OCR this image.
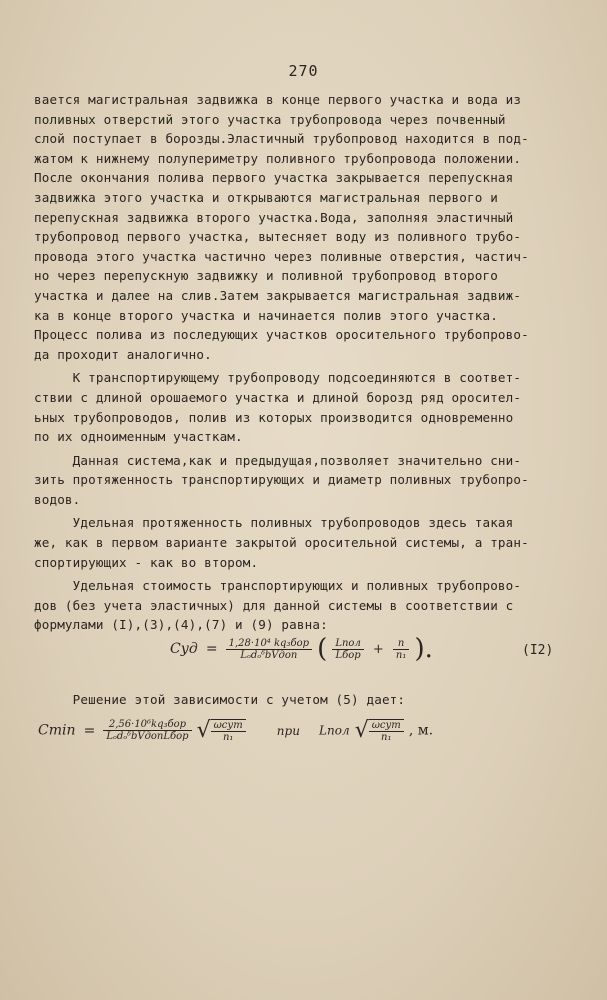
270
вается магистральная задвижка в конце первого участка и вода из
поливных отверстий этого участка трубопровода через почвенный
слой поступает в борозды.Эластичный трубопровод находится в под-
жатом к нижнему полупериметру поливного трубопровода положении.
После окончания полива первого участка закрывается перепускная
задвижка этого участка и открываются магистральная первого и
перепускная задвижка второго участка.Вода, заполняя эластичный
трубопровод первого участка, вытесняет воду из поливного трубо-
провода этого участка частично через поливные отверстия, частич-
но через перепускную задвижку и поливной трубопровод второго
участка и далее на слив.Затем закрывается магистральная задвиж-
ка в конце второго участка и начинается полив этого участка.
Процесс полива из последующих участков оросительного трубопрово-
да проходит аналогично.
К транспортирующему трубопроводу подсоединяются в соответ-
ствии с длиной орошаемого участка и длиной борозд ряд оросител-
ьных трубопроводов, полив из которых производится одновременно
по их одноименным участкам.
Данная система,как и предыдущая,позволяет значительно сни-
зить протяженность транспортирующих и диаметр поливных трубопро-
водов.
Удельная протяженность поливных трубопроводов здесь такая
же, как в первом варианте закрытой оросительной системы, а тран-
спортирующих - как во втором.
Удельная стоимость транспортирующих и поливных трубопрово-
дов (без учета эластичных) для данной системы в соответствии с
формулами (I),(3),(4),(7) и (9) равна:
Cуд = $\frac{\text{1,28·10⁴ kq₃бор}}{\text{LₒdₒᵟbVдоп}}$ ( $\frac{\text{Lпол}}{\text{Lбор}} + \frac{n}{\text{n₁}}$ ).	(I2)
Решение этой зависимости с учетом (5) дает:
$Cmin = \frac{\text{2,56·10⁶kq₃бор}}{\text{LₒdₒᵟbVдопLбор}}$ √ $\frac{\text{ωсут}}{\text{n₁}}$	при Lпол √ $\frac{\text{ωсут}}{\text{n₁}}$ , м.
